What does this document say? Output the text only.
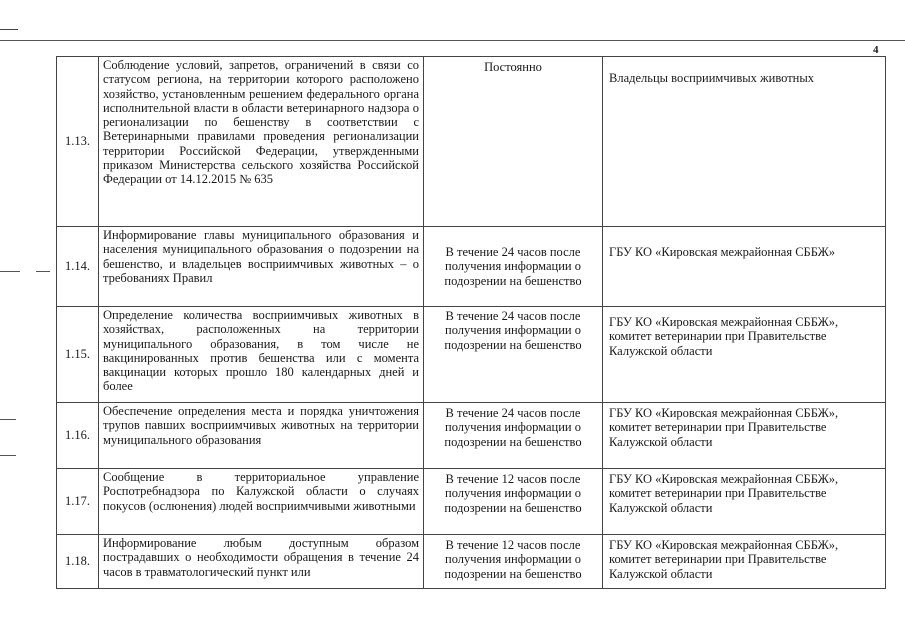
4
1.13.	Соблюдение условий, запретов, ограничений в связи со статусом региона, на территории которого расположено хозяйство, установленным решением федерального органа исполнительной власти в области ветеринарного надзора о регионализации по бешенству в соответствии с Ветеринарными правилами проведения регионализации территории Российской Федерации, утвержденными приказом Министерства сельского хозяйства Российской Федерации от 14.12.2015 № 635	Постоянно	Владельцы восприимчивых животных
1.14.	Информирование главы муниципального образования и населения муниципального образования о подозрении на бешенство, и владельцев восприимчивых животных – о требованиях Правил	В течение 24 часов после получения информации о подозрении на бешенство	ГБУ КО «Кировская межрайонная СББЖ»
1.15.	Определение количества восприимчивых животных в хозяйствах, расположенных на территории муниципального образования, в том числе не вакцинированных против бешенства или с момента вакцинации которых прошло 180 календарных дней и более	В течение 24 часов после получения информации о подозрении на бешенство	ГБУ КО «Кировская межрайонная СББЖ», комитет ветеринарии при Правительстве Калужской области
1.16.	Обеспечение определения места и порядка уничтожения трупов павших восприимчивых животных на территории муниципального образования	В течение 24 часов после получения информации о подозрении на бешенство	ГБУ КО «Кировская межрайонная СББЖ», комитет ветеринарии при Правительстве Калужской области
1.17.	Сообщение в территориальное управление Роспотребнадзора по Калужской области о случаях покусов (ослюнения) людей восприимчивыми животными	В течение 12 часов после получения информации о подозрении на бешенство	ГБУ КО «Кировская межрайонная СББЖ», комитет ветеринарии при Правительстве Калужской области
1.18.	Информирование любым доступным образом пострадавших о необходимости обращения в течение 24 часов в травматологический пункт или	В течение 12 часов после получения информации о подозрении на бешенство	ГБУ КО «Кировская межрайонная СББЖ», комитет ветеринарии при Правительстве Калужской области
